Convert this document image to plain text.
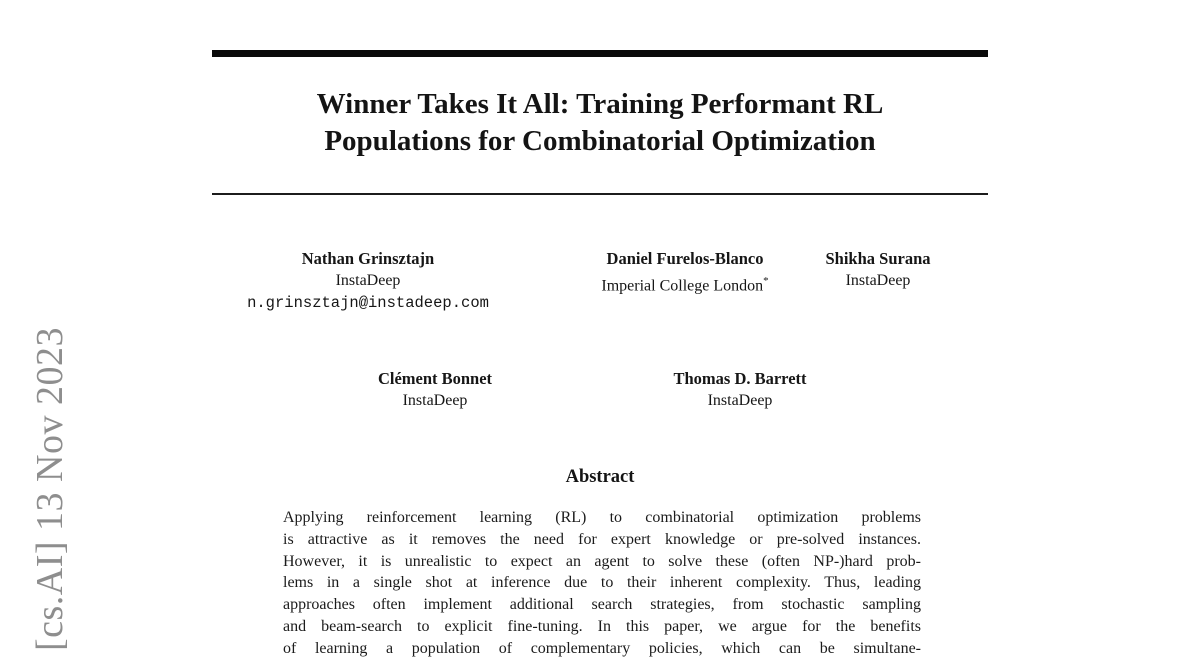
[cs.AI] 13 Nov 2023
Winner Takes It All: Training Performant RL
Populations for Combinatorial Optimization
Nathan Grinsztajn
InstaDeep
n.grinsztajn@instadeep.com
Daniel Furelos-Blanco
Imperial College London*
Shikha Surana
InstaDeep
Clément Bonnet
InstaDeep
Thomas D. Barrett
InstaDeep
Abstract
Applying reinforcement learning (RL) to combinatorial optimization problems
is attractive as it removes the need for expert knowledge or pre-solved instances.
However, it is unrealistic to expect an agent to solve these (often NP-)hard prob-
lems in a single shot at inference due to their inherent complexity. Thus, leading
approaches often implement additional search strategies, from stochastic sampling
and beam-search to explicit fine-tuning. In this paper, we argue for the benefits
of learning a population of complementary policies, which can be simultane-
